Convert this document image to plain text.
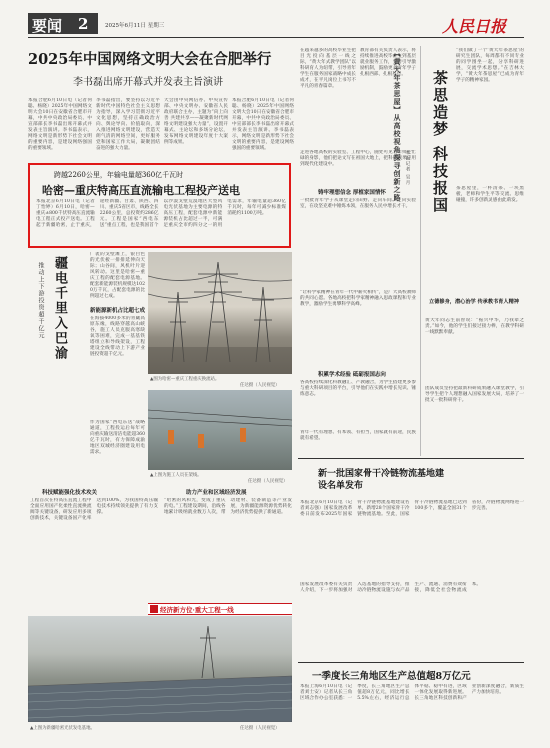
要闻 2	2025年6月11日 星期三	人民日报
2025年中国网络文明大会在合肥举行
李书磊出席开幕式并发表主旨演讲
本报合肥6月10日电（记者何聪、杨晓）2025年中国网络文明大会10日在安徽省合肥市开幕，中共中央政治局委员、中宣部部长李书磊出席开幕式并发表主旨演讲。李书磊表示，网络文明是新形势下社会文明的重要内容，是建设网络强国的重要领域。
李书磊指出，要坚持以习近平新时代中国特色社会主义思想为指导，深入学习贯彻习近平文化思想，坚持正确政治方向、舆论导向、价值取向，深入推进网络文明建设，营造天朗气清的网络空间，更好服务党和国家工作大局，凝聚团结奋进的强大力量。
大会由中央网信办、中央宣传部、中央文明办、安徽省人民政府联合主办，主题为“向上向善 共建共享——凝聚新时代网络文明建设强大力量”，设置开幕式、主论坛和多场分论坛，发布网络文明建设年度十大案例等成果。
本报合肥6月10日电（记者何聪、杨晓）2025年中国网络文明大会10日在安徽省合肥市开幕，中共中央政治局委员、中宣部部长李书磊出席开幕式并发表主旨演讲。李书磊表示，网络文明是新形势下社会文明的重要内容，是建设网络强国的重要领域。
跨越2260公里，年输电量超360亿千瓦时
哈密—重庆特高压直流输电工程投产送电
本报北京6月10日电（记者丁怡婷）6月10日，哈密—重庆±800千伏特高压直流输电工程正式投产送电。工程起于新疆哈密，止于重庆，途经新疆、甘肃、陕西、四川、重庆5省区市，线路全长2260公里，总投资约286亿元。工程是国家“西电东送”重点工程，也是我国首个以沙漠戈壁荒漠地区大型风电光伏基地为主要电源的特高压工程，配套电源中新能源装机占比超过一半，可满足重庆全市约四分之一的用电需求，年输电量超360亿千瓦时，每年可减少标准煤消耗约1100万吨。
疆电千里入巴渝
推动上下游投资超千亿元
广袤的戈壁滩上，银白色的光伏板一排排延伸向天际；山谷间，风机叶片迎风转动。这里是哈密—重庆工程的配套电源基地。配套新能源装机规模达1020万千瓦，占配套电源的比例超过七成。
新能源新机占比超七成
在海拔4000多米的青藏高原东缘，线路穿越高山峡谷，施工人员克服高寒缺氧等困难，完成一基基铁塔组立和导线架设，工程建设全线带动上下游产业链投资超千亿元。
▲图为哈密—重庆工程重庆换流站。
任达摄（人民视觉）
▲上图为施工人员在架线。
任达摄（人民视觉）
作为国家“西电东送”战略通道，工程投运后每年可向重庆输送清洁电能超360亿千瓦时，有力保障成渝地区双城经济圈建设用电需求。
科技赋能强化技术攻关
工程首次在特高压直流工程中全面应用国产化柔性直流换流阀等关键设备，研发应用多项创新技术，关键设备国产化率达到100%，为我国特高压输电技术持续领先提供了有力支撑。
助力产业和区域经济发展
“哈密的风和光，变成了重庆的电。”工程建设期间，沿线各地累计吸纳就业数万人次，带动建材、装备制造等产业发展，为新疆能源资源优势转化为经济优势提供了新通道。
经济新方位·重大工程一线
▲上图为新疆哈密光伏发电基地。	任达摄（人民视觉）
在越来越多的高校毕业生把目光投向基层一线之际，“黄大年式教学团队”以科研育人为纽带，引导青年学生在服务国家战略中成长成才，在平凡岗位上书写不平凡的青春篇章。
教育部有关负责人表示，将持续推进高校毕业生到基层就业服务工作，完善引导激励机制，鼓励更多青年学子扎根西部、扎根基层。
走进各地高校的实验室、工程中心，随处可见青年师生忙碌的身影，他们把论文写在祖国大地上，把科技成果应用到现代化建设中。
铸牢理想信念 厚植家国情怀
一批批青年学子从课堂走向田野、走向车间、走向实验室，在攻坚克难中锤炼本领，在服务人民中增长才干。
“让科学家精神在青年一代中薪火相传”，是广大高校教师的共同心愿。各地高校把科学家精神融入思政课程和专业教学，激励学生勇攀科学高峰。
积累学术经验 砥砺报国志向
各高校持续深化科教融汇、产教融合，为学生搭建更多参与重大科研项目的平台，引导他们在实践中增长见识、锤炼意志。
青年一代有理想、有本领、有担当，国家就有前途，民族就有希望。
【黄大年茶思屋】从高校视角探寻创新之路 茶思造梦
科技报国
本报记者 吴月
“我们做了一个‘黄大年茶思屋’的研究生团队，每周都有不同专业的同学围坐一起，分享科研进展，交流学术思想。”在吉林大学，“黄大年茶思屋”已成为青年学子的精神家园。
茶思屋里，一杯清茶、一块黑板，老师和学生平等交流、思维碰撞，许多创新灵感由此萌发。
立德修身，潜心治学 传承教书育人精神
黄大年同志生前曾说：“振兴中华，乃我辈之责。”如今，他的学生们接过接力棒，在教学科研一线默默奉献。
团队成员坚持把最新科研成果融入课堂教学，引导学生把个人理想融入国家发展大局，培养了一批又一批科研骨干。
新一批国家骨干冷链物流基地建设名单发布
本报北京6月10日电（记者刘志强）国家发展改革委日前发布2025年国家骨干冷链物流基地建设名单，新增28个国家骨干冷链物流基地。至此，国家骨干冷链物流基地已达到100多个，覆盖全国31个省份，冷链物流网络进一步完善。
国家发展改革委有关负责人介绍，下一步将加强对入选基地的指导支持，推动冷链物流设施与农产品生产、流通、消费有效衔接，降低全社会物流成本。
一季度长三角地区生产总值超8万亿元
本报上海6月10日电（记者刘士安）记者从长三角区域合作办公室获悉：一季度，长三角地区生产总值超8万亿元，同比增长5.5%左右，经济运行总体平稳、稳中有进，区域一体化发展取得新进展。长三角地区科技创新和产业创新深度融合，新质生产力加快培育。
